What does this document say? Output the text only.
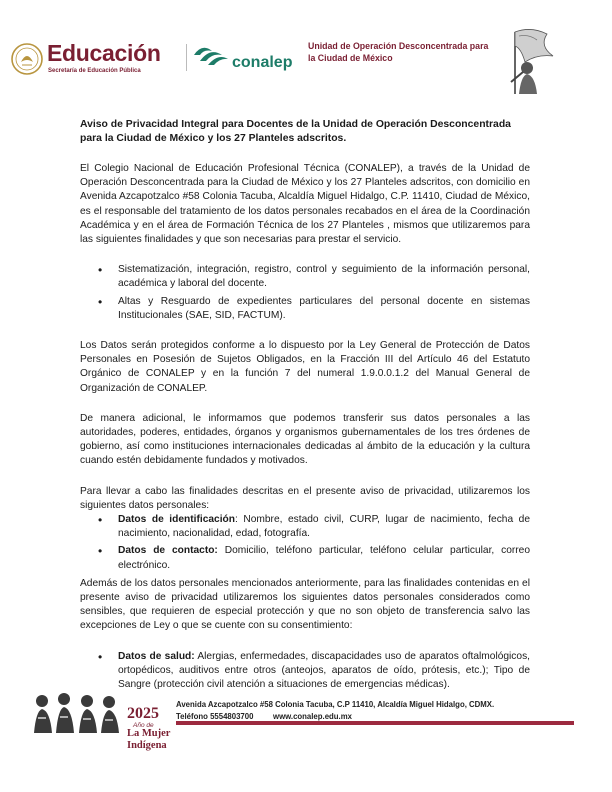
Educación
Secretaría de Educación Pública	conalep
Unidad de Operación Desconcentrada para la Ciudad de México

Aviso de Privacidad Integral para Docentes de la Unidad de Operación Desconcentrada para la Ciudad de México y los 27 Planteles adscritos.

El Colegio Nacional de Educación Profesional Técnica (CONALEP), a través de la Unidad de Operación Desconcentrada para la Ciudad de México y los 27 Planteles adscritos, con domicilio en Avenida Azcapotzalco #58 Colonia Tacuba, Alcaldía Miguel Hidalgo, C.P. 11410, Ciudad de México, es el responsable del tratamiento de los datos personales recabados en el área de la Coordinación Académica y en el área de Formación Técnica de los 27 Planteles , mismos que utilizaremos para las siguientes finalidades y que son necesarias para prestar el servicio.

• Sistematización, integración, registro, control y seguimiento de la información personal, académica y laboral del docente.
• Altas y Resguardo de expedientes particulares del personal docente en sistemas Institucionales (SAE, SID, FACTUM).

Los Datos serán protegidos conforme a lo dispuesto por la Ley General de Protección de Datos Personales en Posesión de Sujetos Obligados, en la Fracción III del Artículo 46 del Estatuto Orgánico de CONALEP y en la función 7 del numeral 1.9.0.0.1.2 del Manual General de Organización de CONALEP.

De manera adicional, le informamos que podemos transferir sus datos personales a las autoridades, poderes, entidades, órganos y organismos gubernamentales de los tres órdenes de gobierno, así como instituciones internacionales dedicadas al ámbito de la educación y la cultura cuando estén debidamente fundados y motivados.

Para llevar a cabo las finalidades descritas en el presente aviso de privacidad, utilizaremos los siguientes datos personales:

• Datos de identificación: Nombre, estado civil, CURP, lugar de nacimiento, fecha de nacimiento, nacionalidad, edad, fotografía.
• Datos de contacto: Domicilio, teléfono particular, teléfono celular particular, correo electrónico.

Además de los datos personales mencionados anteriormente, para las finalidades contenidas en el presente aviso de privacidad utilizaremos los siguientes datos personales considerados como sensibles, que requieren de especial protección y que no son objeto de transferencia salvo las excepciones de Ley o que se cuente con su consentimiento:

• Datos de salud: Alergias, enfermedades, discapacidades uso de aparatos oftalmológicos, ortopédicos, auditivos entre otros (anteojos, aparatos de oído, prótesis, etc.); Tipo de Sangre (protección civil atención a situaciones de emergencias médicas).
2025
Año de
La Mujer
Indígena
Avenida Azcapotzalco #58 Colonia Tacuba, C.P 11410, Alcaldía Miguel Hidalgo, CDMX.
Teléfono 5554803700	www.conalep.edu.mx
